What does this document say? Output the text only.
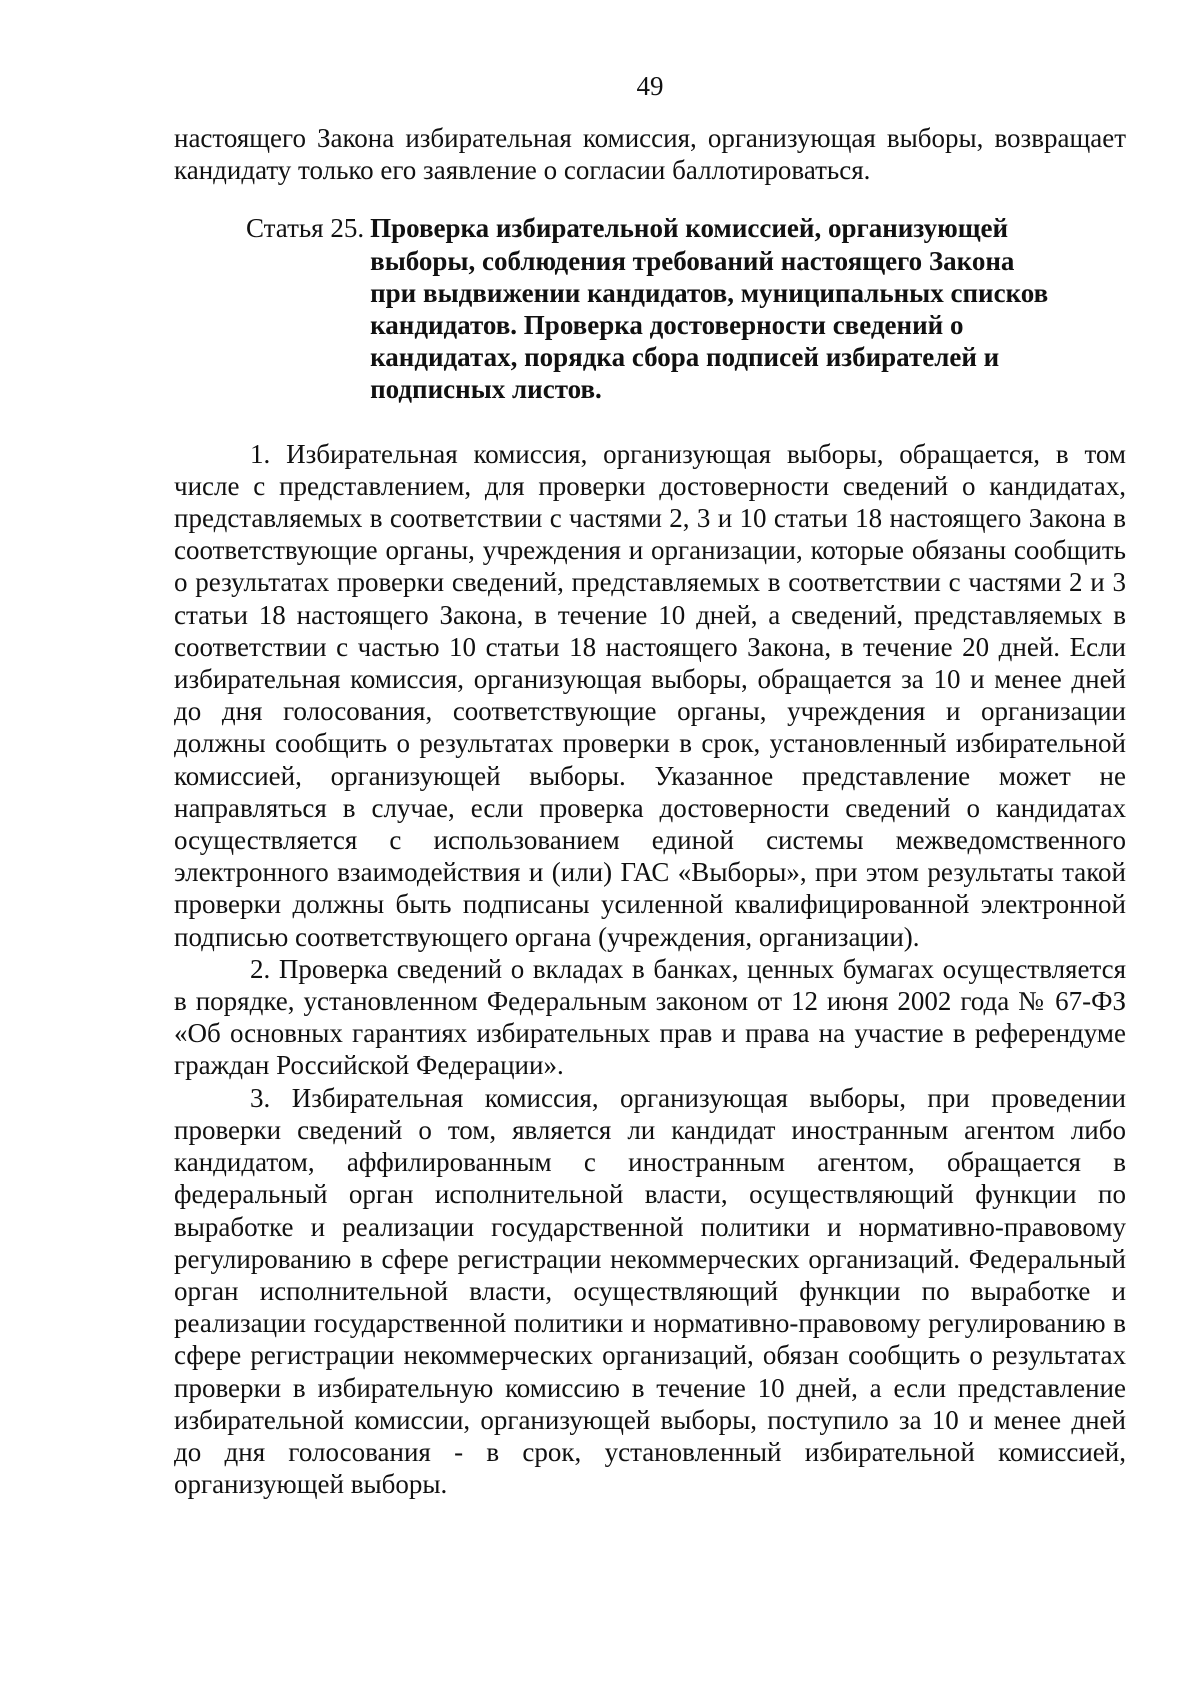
49

настоящего Закона избирательная комиссия, организующая выборы, возвращает кандидату только его заявление о согласии баллотироваться.

Статья 25. Проверка избирательной комиссией, организующей выборы, соблюдения требований настоящего Закона при выдвижении кандидатов, муниципальных списков кандидатов. Проверка достоверности сведений о кандидатах, порядка сбора подписей избирателей и подписных листов.

1. Избирательная комиссия, организующая выборы, обращается, в том числе с представлением, для проверки достоверности сведений о кандидатах, представляемых в соответствии с частями 2, 3 и 10 статьи 18 настоящего Закона в соответствующие органы, учреждения и организации, которые обязаны сообщить о результатах проверки сведений, представляемых в соответствии с частями 2 и 3 статьи 18 настоящего Закона, в течение 10 дней, а сведений, представляемых в соответствии с частью 10 статьи 18 настоящего Закона, в течение 20 дней. Если избирательная комиссия, организующая выборы, обращается за 10 и менее дней до дня голосования, соответствующие органы, учреждения и организации должны сообщить о результатах проверки в срок, установленный избирательной комиссией, организующей выборы. Указанное представление может не направляться в случае, если проверка достоверности сведений о кандидатах осуществляется с использованием единой системы межведомственного электронного взаимодействия и (или) ГАС «Выборы», при этом результаты такой проверки должны быть подписаны усиленной квалифицированной электронной подписью соответствующего органа (учреждения, организации).

2. Проверка сведений о вкладах в банках, ценных бумагах осуществляется в порядке, установленном Федеральным законом от 12 июня 2002 года № 67-ФЗ «Об основных гарантиях избирательных прав и права на участие в референдуме граждан Российской Федерации».

3. Избирательная комиссия, организующая выборы, при проведении проверки сведений о том, является ли кандидат иностранным агентом либо кандидатом, аффилированным с иностранным агентом, обращается в федеральный орган исполнительной власти, осуществляющий функции по выработке и реализации государственной политики и нормативно-правовому регулированию в сфере регистрации некоммерческих организаций. Федеральный орган исполнительной власти, осуществляющий функции по выработке и реализации государственной политики и нормативно-правовому регулированию в сфере регистрации некоммерческих организаций, обязан сообщить о результатах проверки в избирательную комиссию в течение 10 дней, а если представление избирательной комиссии, организующей выборы, поступило за 10 и менее дней до дня голосования - в срок, установленный избирательной комиссией, организующей выборы.
